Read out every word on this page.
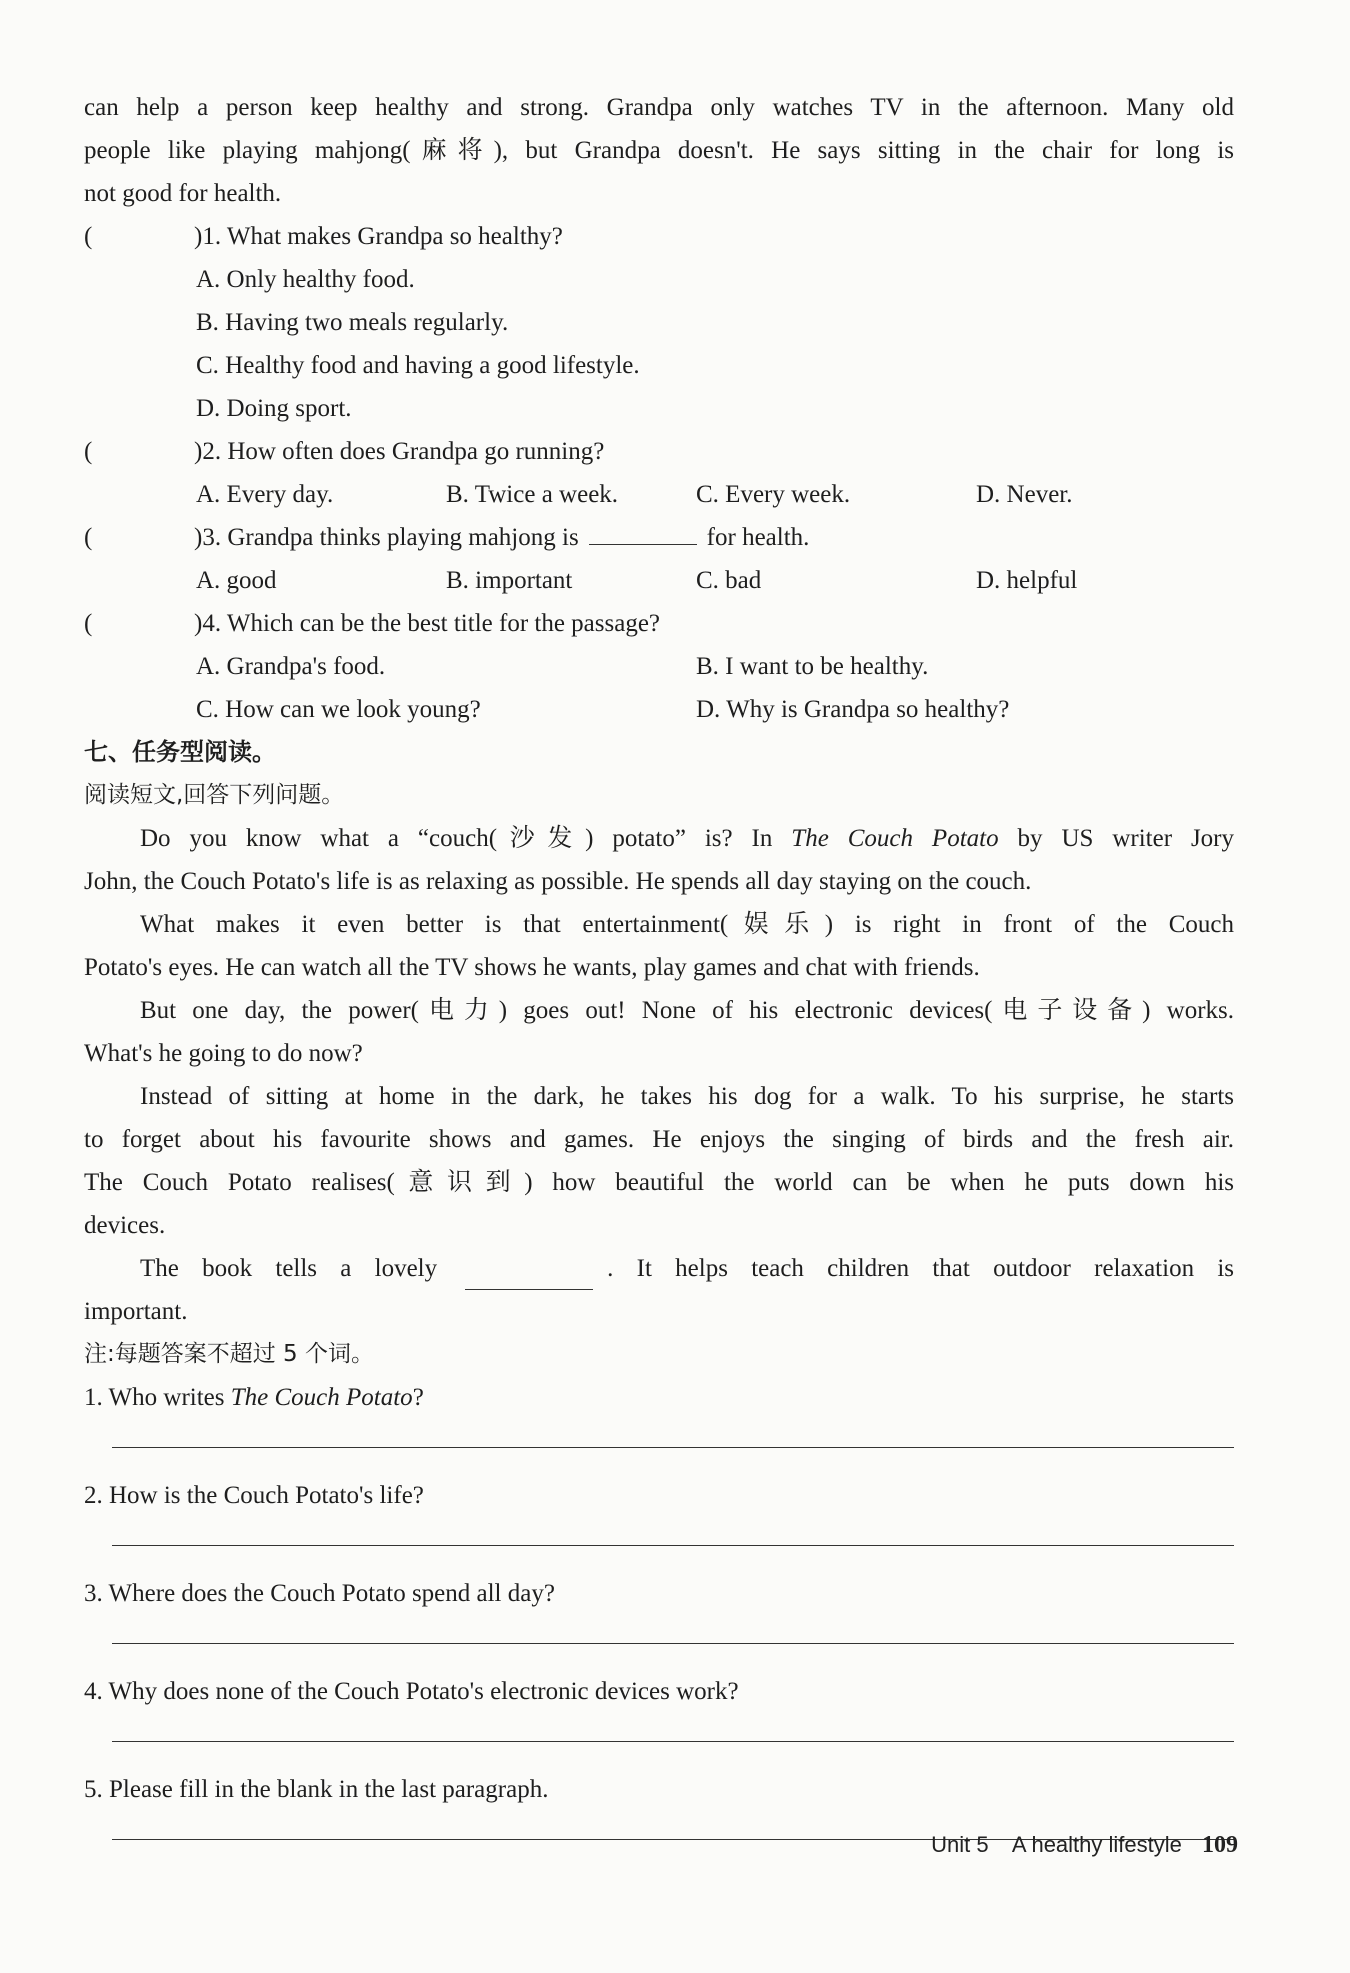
can help a person keep healthy and strong. Grandpa only watches TV in the afternoon. Many old
people like playing mahjong(麻将), but Grandpa doesn't. He says sitting in the chair for long is
not good for health.
(	)1. What makes Grandpa so healthy?
A. Only healthy food.
B. Having two meals regularly.
C. Healthy food and having a good lifestyle.
D. Doing sport.
(	)2. How often does Grandpa go running?
A. Every day.	B. Twice a week.	C. Every week.	D. Never.
(	)3. Grandpa thinks playing mahjong is	for health.
A. good	B. important	C. bad	D. helpful
(	)4. Which can be the best title for the passage?
A. Grandpa's food.	B. I want to be healthy.
C. How can we look young?	D. Why is Grandpa so healthy?
七、任务型阅读。
阅读短文,回答下列问题。
Do you know what a “couch(沙发) potato” is? In The Couch Potato by US writer Jory
John, the Couch Potato's life is as relaxing as possible. He spends all day staying on the couch.
What makes it even better is that entertainment(娱乐) is right in front of the Couch
Potato's eyes. He can watch all the TV shows he wants, play games and chat with friends.
But one day, the power(电力) goes out! None of his electronic devices(电子设备) works.
What's he going to do now?
Instead of sitting at home in the dark, he takes his dog for a walk. To his surprise, he starts
to forget about his favourite shows and games. He enjoys the singing of birds and the fresh air.
The Couch Potato realises(意识到) how beautiful the world can be when he puts down his
devices.
The book tells a lovely	. It helps teach children that outdoor relaxation is
important.
注:每题答案不超过 5 个词。
1. Who writes The Couch Potato?
2. How is the Couch Potato's life?
3. Where does the Couch Potato spend all day?
4. Why does none of the Couch Potato's electronic devices work?
5. Please fill in the blank in the last paragraph.
Unit 5 A healthy lifestyle 109
